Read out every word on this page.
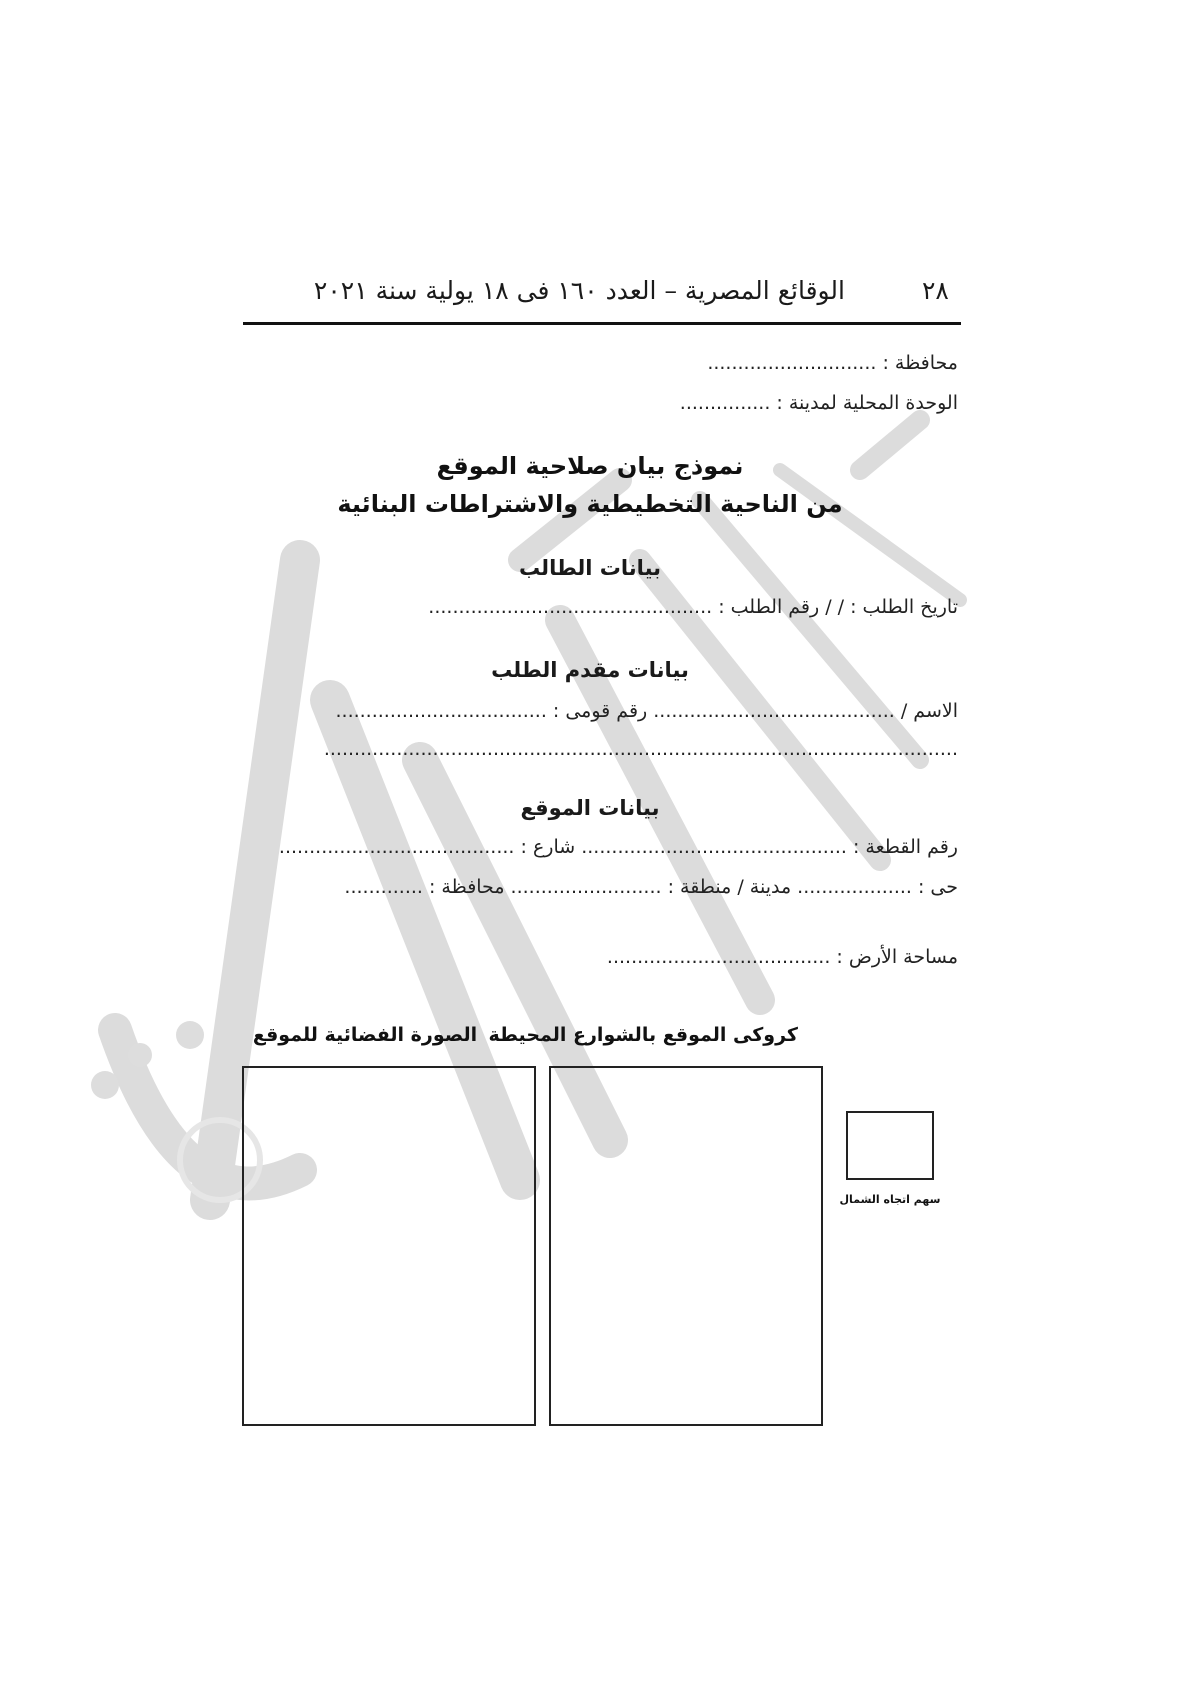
٢٨
الوقائع المصرية – العدد ١٦٠ فى ١٨ يولية سنة ٢٠٢١
محافظة : ............................
الوحدة المحلية لمدينة : ...............
نموذج بيان صلاحية الموقع
من الناحية التخطيطية والاشتراطات البنائية
بيانات الطالب
تاريخ الطلب : / / رقم الطلب : ...............................................
بيانات مقدم الطلب
الاسم / ........................................ رقم قومى : ...................................
.........................................................................................................
بيانات الموقع
رقم القطعة : ............................................ شارع : .......................................
حى : ................... مدينة / منطقة : ......................... محافظة : .............
مساحة الأرض : .....................................
كروكى الموقع بالشوارع المحيطة
الصورة الفضائية للموقع
سهم اتجاه الشمال
